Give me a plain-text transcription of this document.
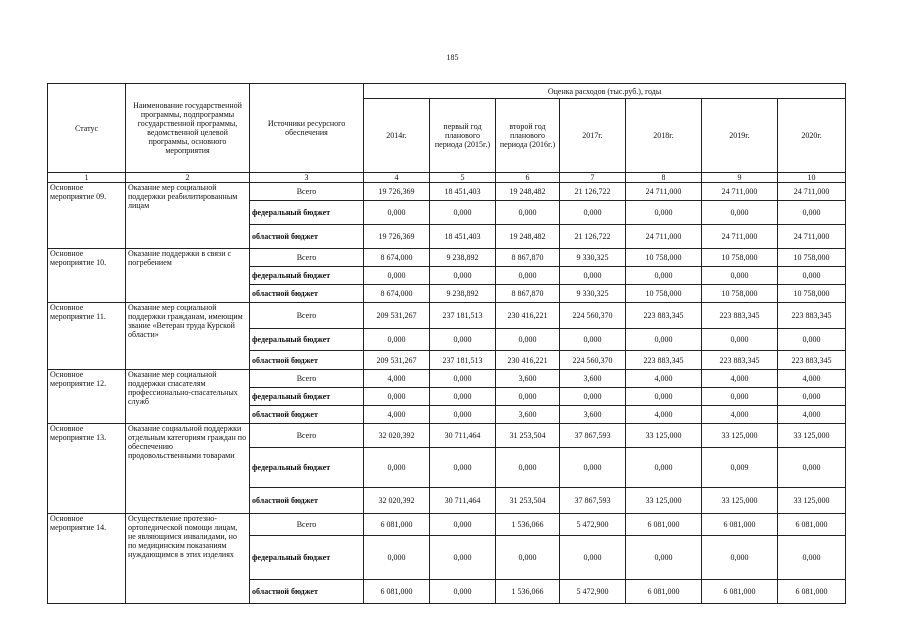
185
Статус	Наименование государственной программы, подпрограммы государственной программы, ведомственной целевой программы, основного мероприятия	Источники ресурсного обеспечения	Оценка расходов (тыс.руб.), годы						
			2014г.	первый год планового периода (2015г.)	второй год планового периода (2016г.)	2017г.	2018г.	2019г.	2020г.
1	2	3	4	5	6	7	8	9	10
Основное мероприятие 09.	Оказание мер социальной поддержки реабилитированным лицам	Всего	19 726,369	18 451,403	19 248,482	21 126,722	24 711,000	24 711,000	24 711,000
		федеральный бюджет	0,000	0,000	0,000	0,000	0,000	0,000	0,000
		областной бюджет	19 726,369	18 451,403	19 248,482	21 126,722	24 711,000	24 711,000	24 711,000
Основное мероприятие 10.	Оказание поддержки в связи с погребением	Всего	8 674,000	9 238,892	8 867,870	9 330,325	10 758,000	10 758,000	10 758,000
		федеральный бюджет	0,000	0,000	0,000	0,000	0,000	0,000	0,000
		областной бюджет	8 674,000	9 238,892	8 867,870	9 330,325	10 758,000	10 758,000	10 758,000
Основное мероприятие 11.	Оказание мер социальной поддержки гражданам, имеющим звание «Ветеран труда Курской области»	Всего	209 531,267	237 181,513	230 416,221	224 560,370	223 883,345	223 883,345	223 883,345
		федеральный бюджет	0,000	0,000	0,000	0,000	0,000	0,000	0,000
		областной бюджет	209 531,267	237 181,513	230 416,221	224 560,370	223 883,345	223 883,345	223 883,345
Основное мероприятие 12.	Оказание мер социальной поддержки спасателям профессионально-спасательных служб	Всего	4,000	0,000	3,600	3,600	4,000	4,000	4,000
		федеральный бюджет	0,000	0,000	0,000	0,000	0,000	0,000	0,000
		областной бюджет	4,000	0,000	3,600	3,600	4,000	4,000	4,000
Основное мероприятие 13.	Оказание социальной поддержки отдельным категориям граждан по обеспечению продовольственными товарами	Всего	32 020,392	30 711,464	31 253,504	37 867,593	33 125,000	33 125,000	33 125,000
		федеральный бюджет	0,000	0,000	0,000	0,000	0,000	0,009	0,000
		областной бюджет	32 020,392	30 711,464	31 253,504	37 867,593	33 125,000	33 125,000	33 125,000
Основное мероприятие 14.	Осуществление протезно-ортопедической помощи лицам, не являющимся инвалидами, но по медицинским показаниям нуждающимся в этих изделиях	Всего	6 081,000	0,000	1 536,066	5 472,900	6 081,000	6 081,000	6 081,000
		федеральный бюджет	0,000	0,000	0,000	0,000	0,000	0,000	0,000
		областной бюджет	6 081,000	0,000	1 536,066	5 472,900	6 081,000	6 081,000	6 081,000
